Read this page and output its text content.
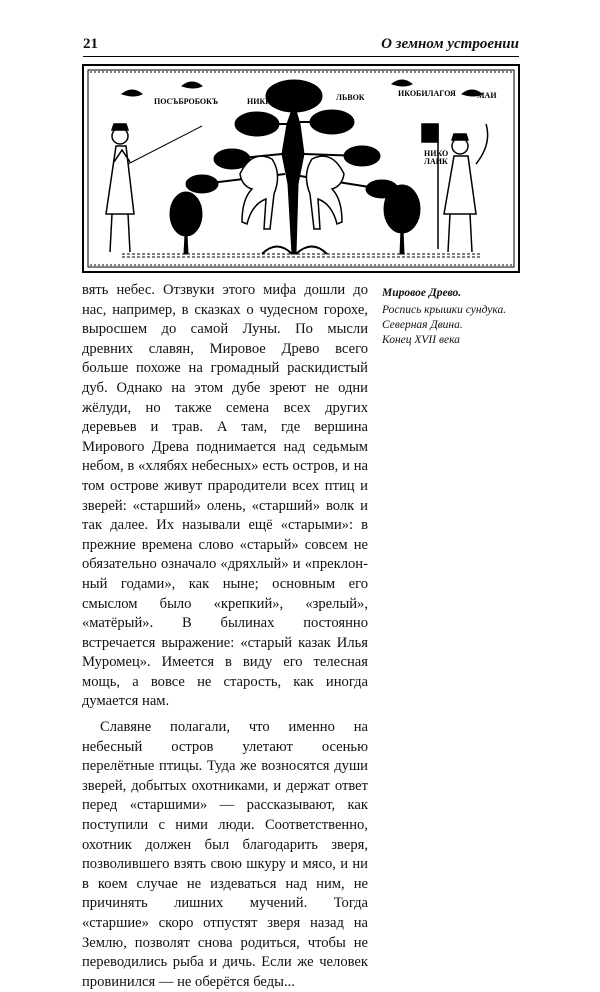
21	О земном устроении
ПОСЪБРОБОКЪ	НИКЮ	ЛЬВОК	ИКОБИЛАГОЯ	МАИ
НИКО
ЛАИК
Мировое Древо.
Роспись крышки сундука.
Северная Двина.
Конец XVII века

вять небес. Отзвуки этого мифа дошли до нас, например, в сказках о чудесном горохе, выросшем до самой Луны. По мысли древних славян, Мировое Древо всего больше похоже на громадный раскидистый дуб. Однако на этом дубе зреют не одни жёлуди, но также семена всех других деревьев и трав. А там, где вершина Мирового Древа поднимается над седьмым небом, в «хлябях небесных» есть остров, и на том острове живут прародители всех птиц и зверей: «старший» олень, «старший» волк и так далее. Их называли ещё «старыми»: в прежние времена слово «старый» совсем не обязательно означало «дряхлый» и «преклонный годами», как ныне; основным его смыслом было «крепкий», «зрелый», «матёрый». В былинах постоянно встречается выражение: «старый казак Илья Муромец». Имеется в виду его телесная мощь, а вовсе не старость, как иногда думается нам.

Славяне полагали, что именно на небесный остров улетают осенью перелётные птицы. Туда же возносятся души зверей, добытых охотниками, и держат ответ перед «старшими» — рассказывают, как поступили с ними люди. Соответственно, охотник должен был благодарить зверя, позволившего взять свою шкуру и мясо, и ни в коем случае не издеваться над ним, не причинять лишних мучений. Тогда «старшие» скоро отпустят зверя назад на Землю, позволят снова родиться, чтобы не переводились рыба и дичь. Если же человек провинился — не оберётся беды...
